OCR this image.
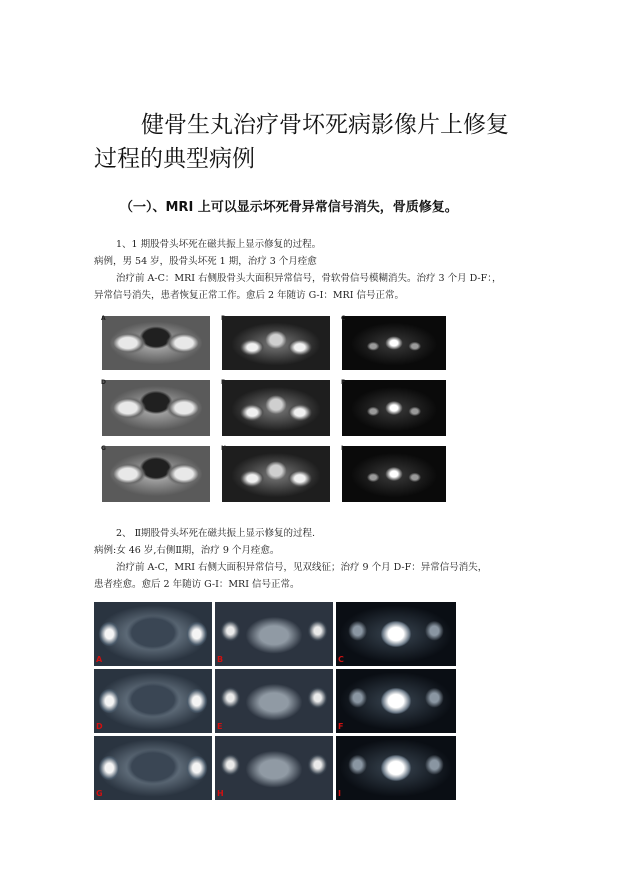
健骨生丸治疗骨坏死病影像片上修复
过程的典型病例
（一）、MRI 上可以显示坏死骨异常信号消失，骨质修复。

1、1 期股骨头坏死在磁共振上显示修复的过程。

病例，男 54 岁，股骨头坏死 1 期，治疗 3 个月痊愈

治疗前 A-C：MRI 右侧股骨头大面积异常信号，骨软骨信号模糊消失。治疗 3 个月 D-F：，

异常信号消失，患者恢复正常工作。愈后 2 年随访 G-I：MRI 信号正常。

A	B	C
D	E	F
G	H	I

2、 Ⅱ期股骨头坏死在磁共振上显示修复的过程.

病例:女 46 岁,右侧Ⅱ期，治疗 9 个月痊愈。

治疗前 A-C，MRI 右侧大面积异常信号，见双线征；治疗 9 个月 D-F：异常信号消失，

患者痊愈。愈后 2 年随访 G-I：MRI 信号正常。

A	B	C
D	E	F
G	H	I
